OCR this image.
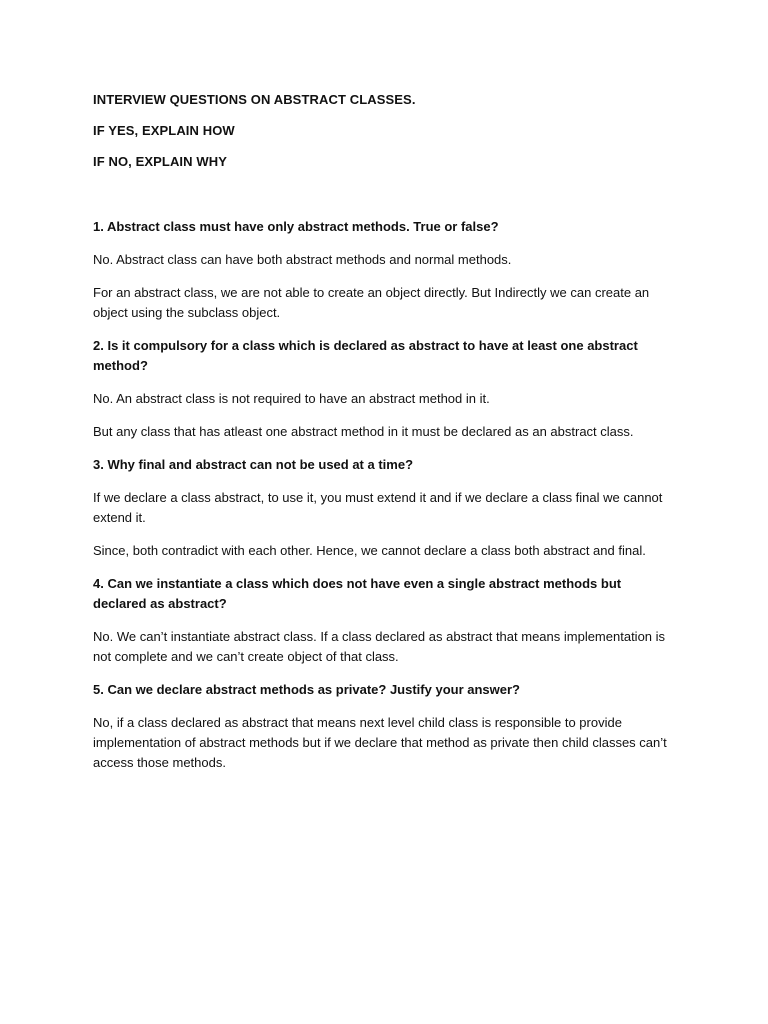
INTERVIEW QUESTIONS ON ABSTRACT CLASSES.

IF YES, EXPLAIN HOW

IF NO, EXPLAIN WHY

1. Abstract class must have only abstract methods. True or false?

No. Abstract class can have both abstract methods and normal methods.

For an abstract class, we are not able to create an object directly. But Indirectly we can create an object using the subclass object.

2. Is it compulsory for a class which is declared as abstract to have at least one abstract method?

No. An abstract class is not required to have an abstract method in it.

But any class that has atleast one abstract method in it must be declared as an abstract class.

3. Why final and abstract can not be used at a time?

If we declare a class abstract, to use it, you must extend it and if we declare a class final we cannot extend it.

Since, both contradict with each other. Hence, we cannot declare a class both abstract and final.

4. Can we instantiate a class which does not have even a single abstract methods but declared as abstract?

No. We can’t instantiate abstract class. If a class declared as abstract that means implementation is not complete and we can’t create object of that class.

5. Can we declare abstract methods as private? Justify your answer?

No, if a class declared as abstract that means next level child class is responsible to provide implementation of abstract methods but if we declare that method as private then child classes can’t access those methods.
